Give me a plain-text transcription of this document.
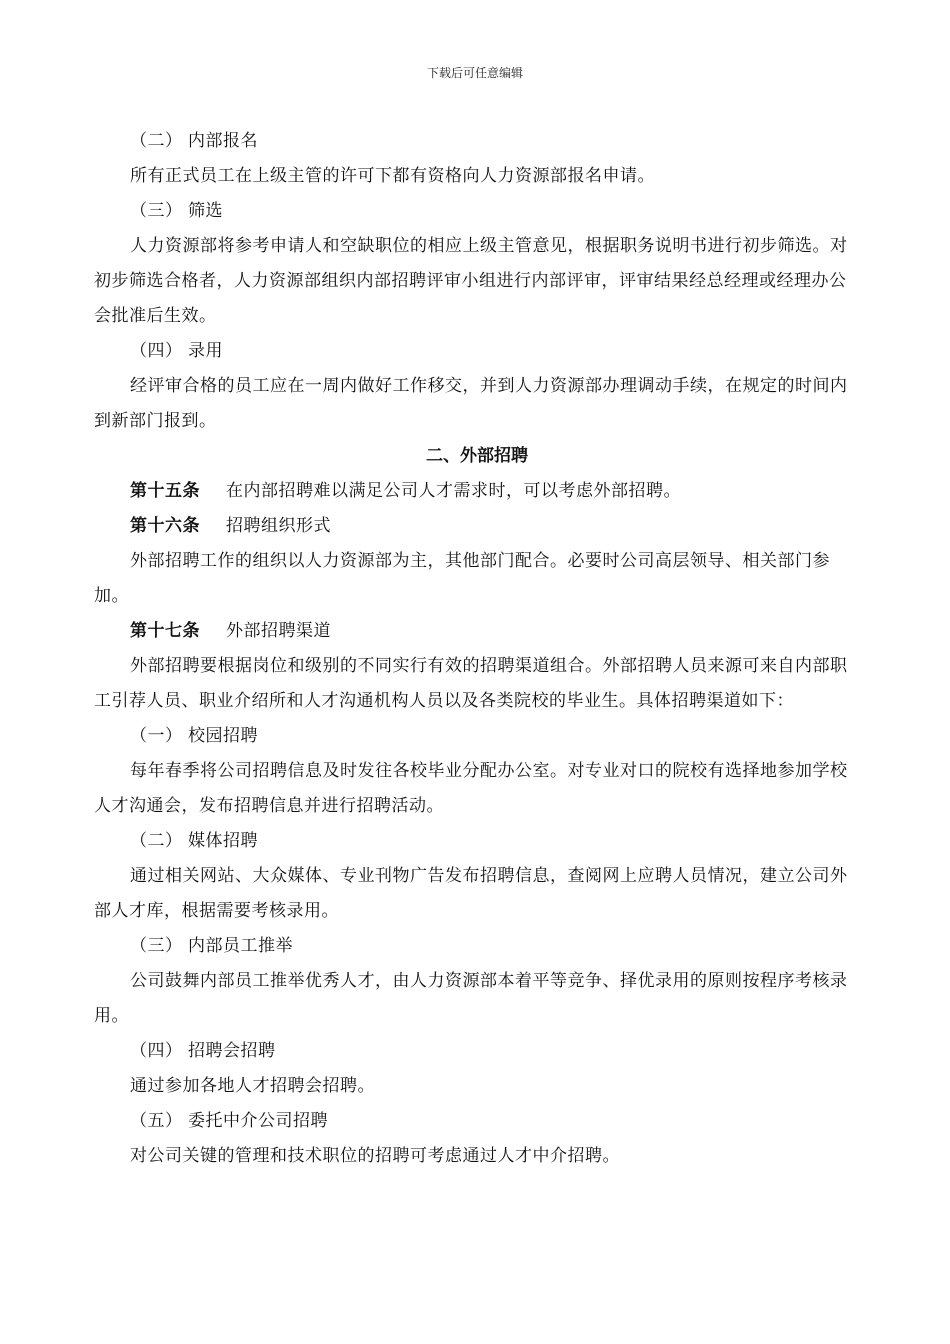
下载后可任意编辑

（二） 内部报名

所有正式员工在上级主管的许可下都有资格向人力资源部报名申请。

（三） 筛选

人力资源部将参考申请人和空缺职位的相应上级主管意见，根据职务说明书进行初步筛选。对初步筛选合格者，人力资源部组织内部招聘评审小组进行内部评审，评审结果经总经理或经理办公会批准后生效。

（四） 录用

经评审合格的员工应在一周内做好工作移交，并到人力资源部办理调动手续，在规定的时间内到新部门报到。

二、外部招聘

第十五条 在内部招聘难以满足公司人才需求时，可以考虑外部招聘。

第十六条 招聘组织形式

外部招聘工作的组织以人力资源部为主，其他部门配合。必要时公司高层领导、相关部门参加。

第十七条 外部招聘渠道

外部招聘要根据岗位和级别的不同实行有效的招聘渠道组合。外部招聘人员来源可来自内部职工引荐人员、职业介绍所和人才沟通机构人员以及各类院校的毕业生。具体招聘渠道如下：

（一） 校园招聘

每年春季将公司招聘信息及时发往各校毕业分配办公室。对专业对口的院校有选择地参加学校人才沟通会，发布招聘信息并进行招聘活动。

（二） 媒体招聘

通过相关网站、大众媒体、专业刊物广告发布招聘信息，查阅网上应聘人员情况，建立公司外部人才库，根据需要考核录用。

（三） 内部员工推举

公司鼓舞内部员工推举优秀人才，由人力资源部本着平等竞争、择优录用的原则按程序考核录用。

（四） 招聘会招聘

通过参加各地人才招聘会招聘。

（五） 委托中介公司招聘

对公司关键的管理和技术职位的招聘可考虑通过人才中介招聘。
